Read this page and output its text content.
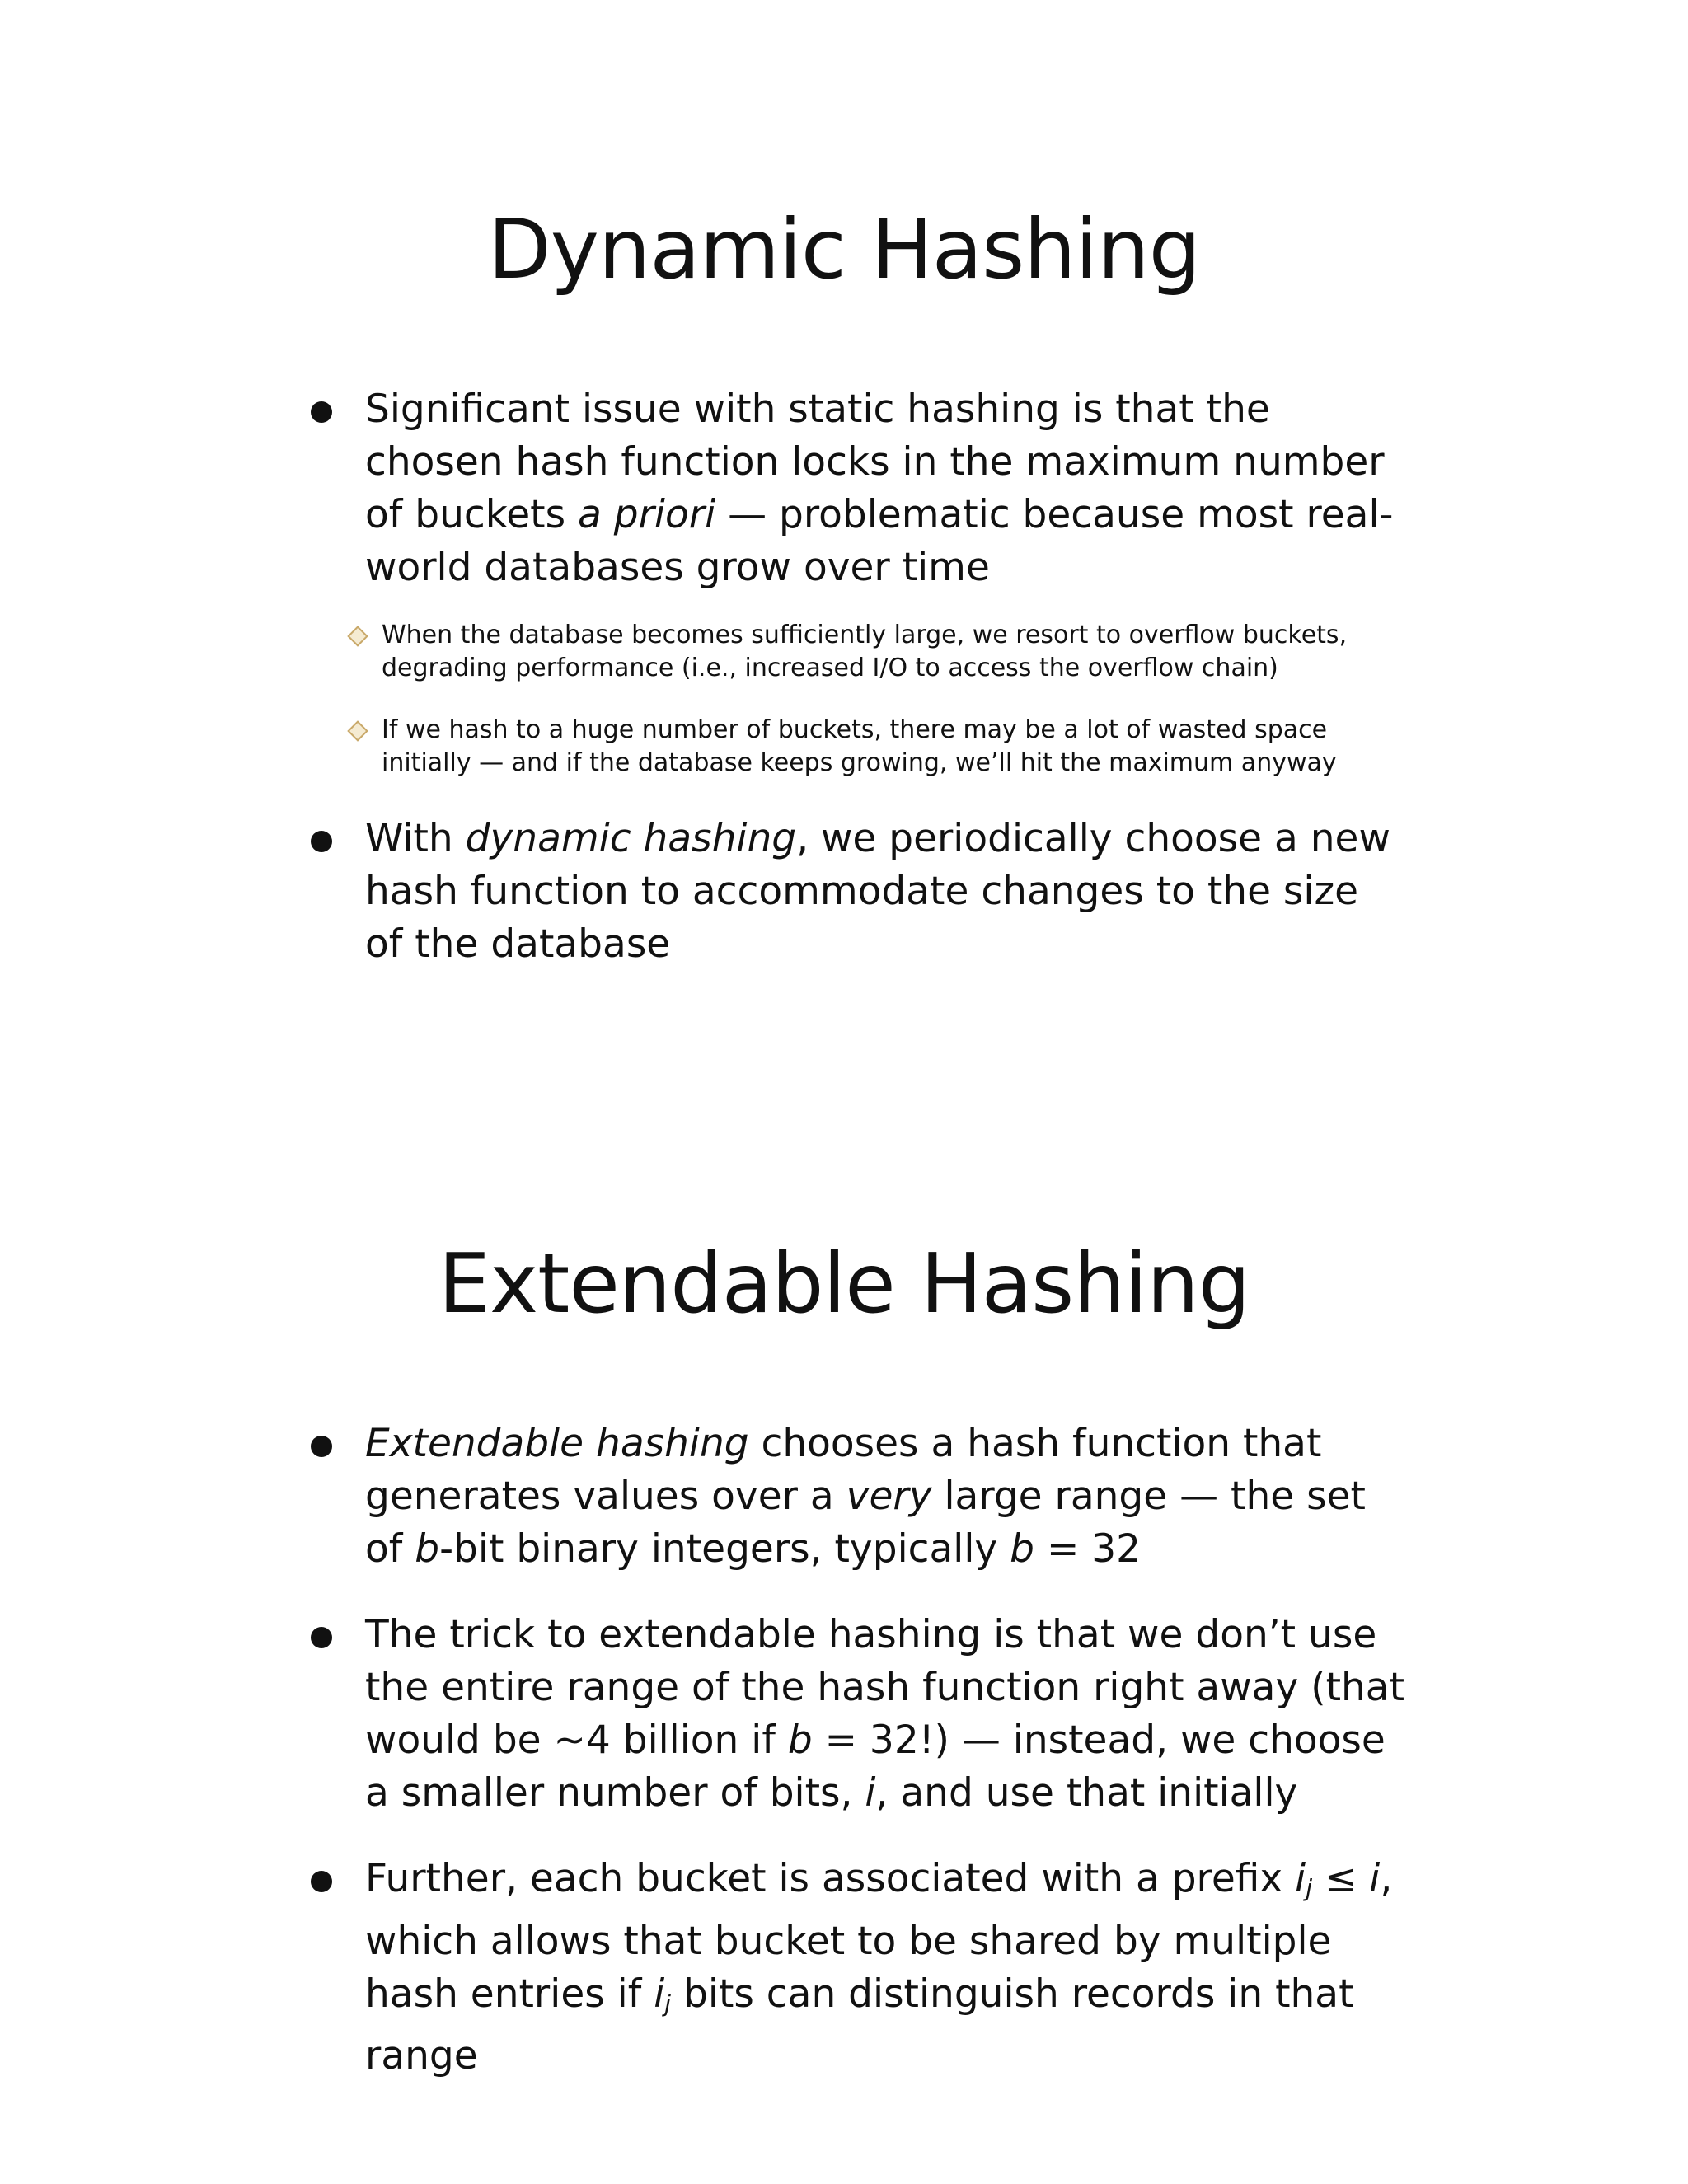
Dynamic Hashing
Significant issue with static hashing is that the chosen hash function locks in the maximum number of buckets a priori — problematic because most real-world databases grow over time
When the database becomes sufficiently large, we resort to overflow buckets, degrading performance (i.e., increased I/O to access the overflow chain)
If we hash to a huge number of buckets, there may be a lot of wasted space initially — and if the database keeps growing, we’ll hit the maximum anyway
With dynamic hashing, we periodically choose a new hash function to accommodate changes to the size of the database
Extendable Hashing
Extendable hashing chooses a hash function that generates values over a very large range — the set of b-bit binary integers, typically b = 32
The trick to extendable hashing is that we don’t use the entire range of the hash function right away (that would be ~4 billion if b = 32!) — instead, we choose a smaller number of bits, i, and use that initially
Further, each bucket is associated with a prefix $i_j \le i$, which allows that bucket to be shared by multiple hash entries if $i_j$ bits can distinguish records in that range
